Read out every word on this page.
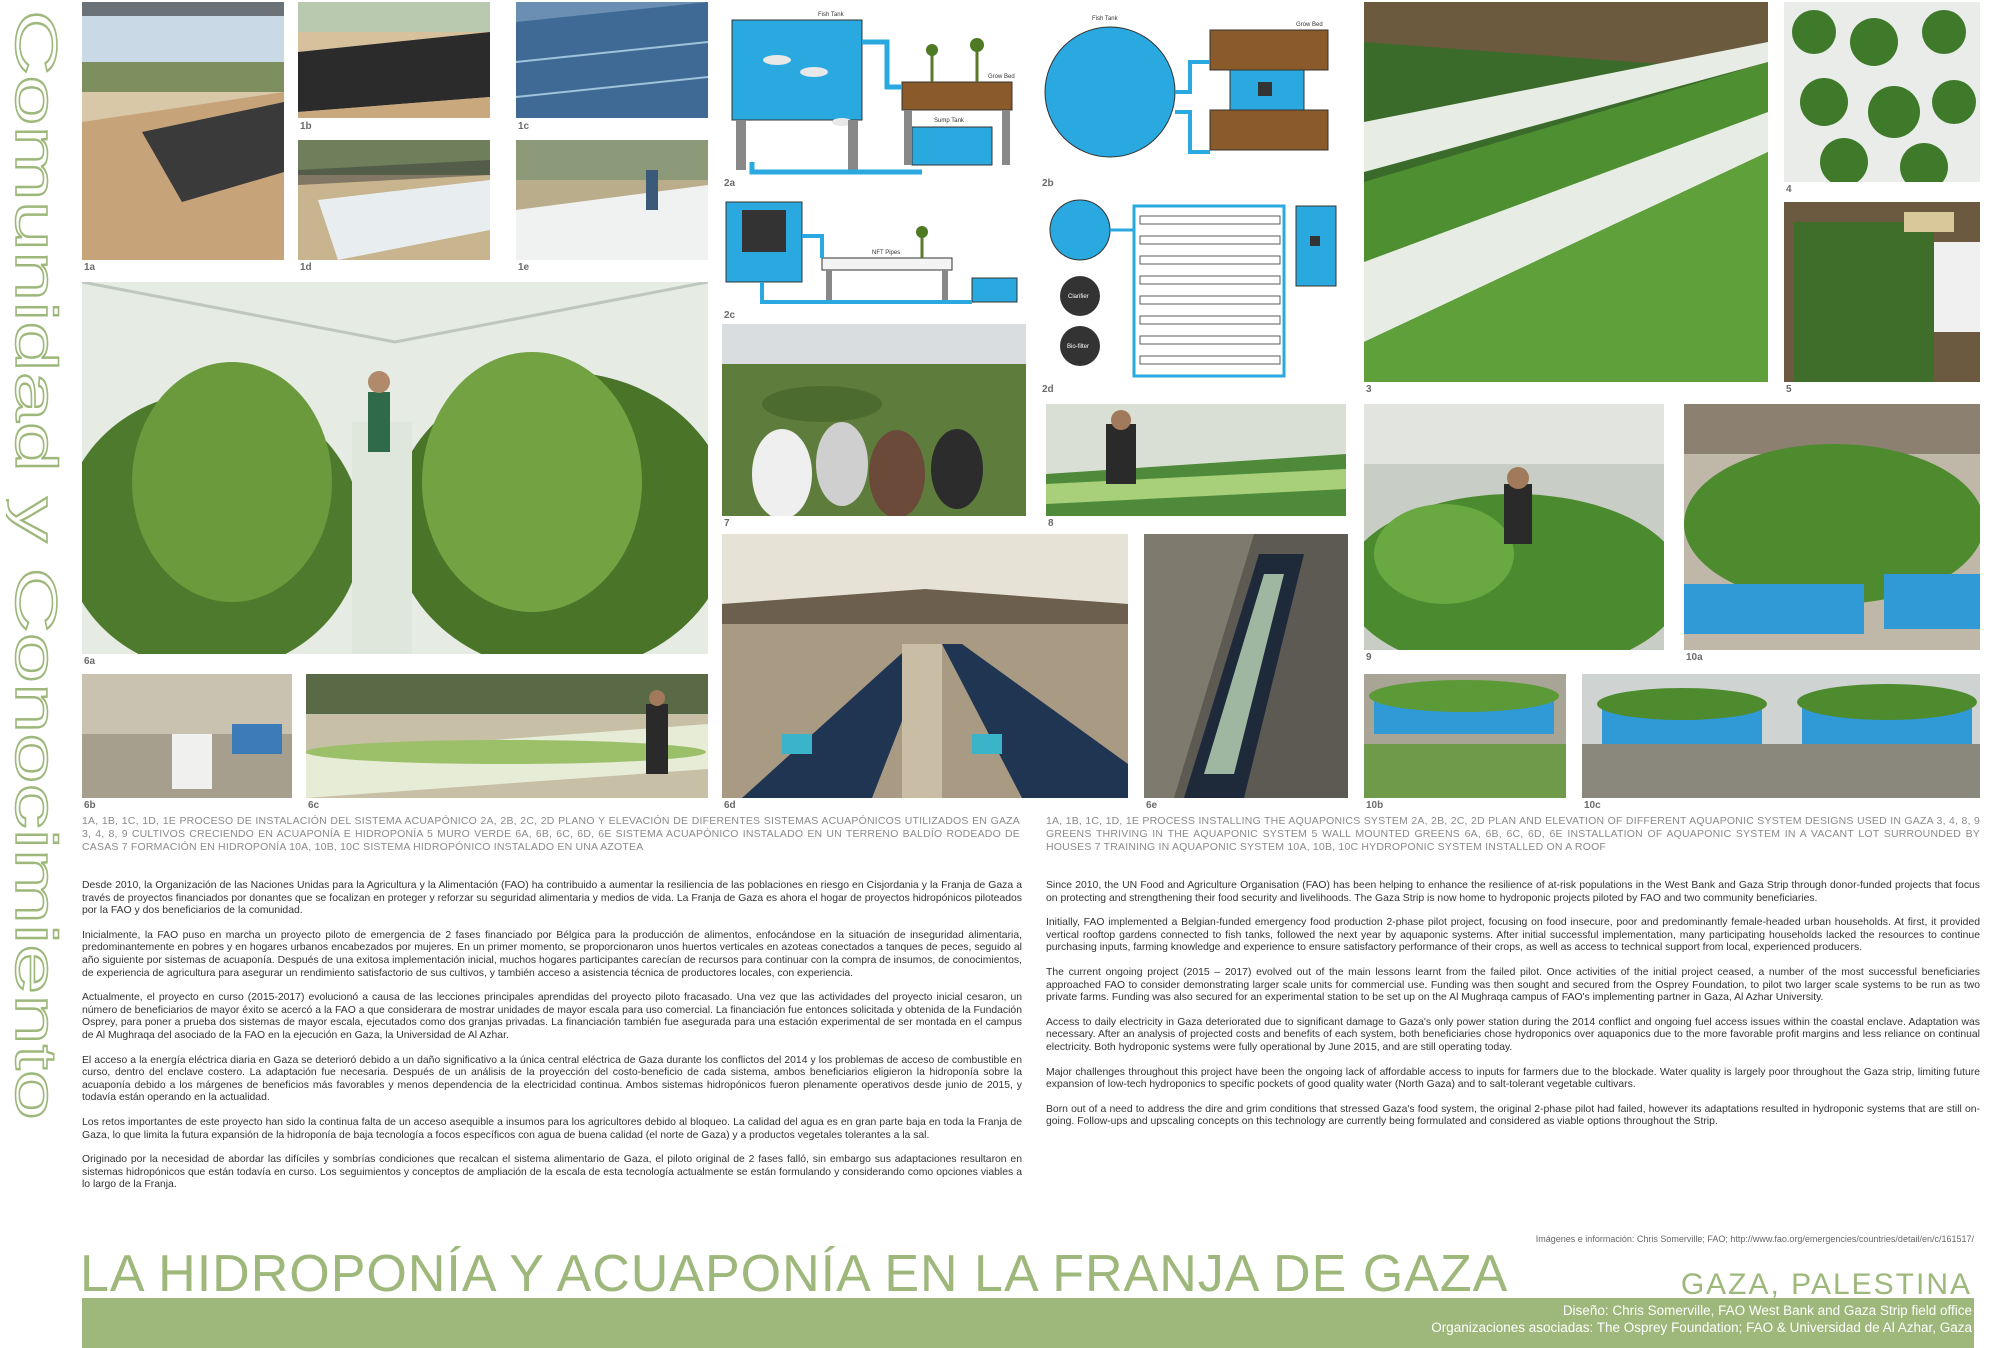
Comunidad y Conocimiento 1a
1b	1c
1d	1e
6a
6b	6c
Fish Tank
Grow Bed
Sump Tank
2a
Fish Tank
Grow Bed
2b
NFT Pipes
2c
Clarifier
Bio-filter
2d
7	8
6d	6e
3
4
5
9	10a
10b	10c
1A, 1B, 1C, 1D, 1E PROCESO DE INSTALACIÓN DEL SISTEMA ACUAPÓNICO 2A, 2B, 2C, 2D PLANO Y ELEVACIÓN DE DIFERENTES SISTEMAS ACUAPÓNICOS UTILIZADOS EN GAZA 3, 4, 8, 9 CULTIVOS CRECIENDO EN ACUAPONÍA E HIDROPONÍA 5 MURO VERDE 6A, 6B, 6C, 6D, 6E SISTEMA ACUAPÓNICO INSTALADO EN UN TERRENO BALDÍO RODEADO DE CASAS 7 FORMACIÓN EN HIDROPONÍA 10A, 10B, 10C SISTEMA HIDROPÓNICO INSTALADO EN UNA AZOTEA
1A, 1B, 1C, 1D, 1E PROCESS INSTALLING THE AQUAPONICS SYSTEM 2A, 2B, 2C, 2D PLAN AND ELEVATION OF DIFFERENT AQUAPONIC SYSTEM DESIGNS USED IN GAZA 3, 4, 8, 9 GREENS THRIVING IN THE AQUAPONIC SYSTEM 5 WALL MOUNTED GREENS 6A, 6B, 6C, 6D, 6E INSTALLATION OF AQUAPONIC SYSTEM IN A VACANT LOT SURROUNDED BY HOUSES 7 TRAINING IN AQUAPONIC SYSTEM 10A, 10B, 10C HYDROPONIC SYSTEM INSTALLED ON A ROOF

Desde 2010, la Organización de las Naciones Unidas para la Agricultura y la Alimentación (FAO) ha contribuido a aumentar la resiliencia de las poblaciones en riesgo en Cisjordania y la Franja de Gaza a través de proyectos financiados por donantes que se focalizan en proteger y reforzar su seguridad alimentaria y medios de vida. La Franja de Gaza es ahora el hogar de proyectos hidropónicos piloteados por la FAO y dos beneficiarios de la comunidad.

Inicialmente, la FAO puso en marcha un proyecto piloto de emergencia de 2 fases financiado por Bélgica para la producción de alimentos, enfocándose en la situación de inseguridad alimentaria, predominantemente en pobres y en hogares urbanos encabezados por mujeres. En un primer momento, se proporcionaron unos huertos verticales en azoteas conectados a tanques de peces, seguido al año siguiente por sistemas de acuaponía. Después de una exitosa implementación inicial, muchos hogares participantes carecían de recursos para continuar con la compra de insumos, de conocimientos, de experiencia de agricultura para asegurar un rendimiento satisfactorio de sus cultivos, y también acceso a asistencia técnica de productores locales, con experiencia.

Actualmente, el proyecto en curso (2015-2017) evolucionó a causa de las lecciones principales aprendidas del proyecto piloto fracasado. Una vez que las actividades del proyecto inicial cesaron, un número de beneficiarios de mayor éxito se acercó a la FAO a que considerara de mostrar unidades de mayor escala para uso comercial. La financiación fue entonces solicitada y obtenida de la Fundación Osprey, para poner a prueba dos sistemas de mayor escala, ejecutados como dos granjas privadas. La financiación también fue asegurada para una estación experimental de ser montada en el campus de Al Mughraqa del asociado de la FAO en la ejecución en Gaza, la Universidad de Al Azhar.

El acceso a la energía eléctrica diaria en Gaza se deterioró debido a un daño significativo a la única central eléctrica de Gaza durante los conflictos del 2014 y los problemas de acceso de combustible en curso, dentro del enclave costero. La adaptación fue necesaria. Después de un análisis de la proyección del costo-beneficio de cada sistema, ambos beneficiarios eligieron la hidroponía sobre la acuaponía debido a los márgenes de beneficios más favorables y menos dependencia de la electricidad continua. Ambos sistemas hidropónicos fueron plenamente operativos desde junio de 2015, y todavía están operando en la actualidad.

Los retos importantes de este proyecto han sido la continua falta de un acceso asequible a insumos para los agricultores debido al bloqueo. La calidad del agua es en gran parte baja en toda la Franja de Gaza, lo que limita la futura expansión de la hidroponía de baja tecnología a focos específicos con agua de buena calidad (el norte de Gaza) y a productos vegetales tolerantes a la sal.

Originado por la necesidad de abordar las difíciles y sombrías condiciones que recalcan el sistema alimentario de Gaza, el piloto original de 2 fases falló, sin embargo sus adaptaciones resultaron en sistemas hidropónicos que están todavía en curso. Los seguimientos y conceptos de ampliación de la escala de esta tecnología actualmente se están formulando y considerando como opciones viables a lo largo de la Franja.

Since 2010, the UN Food and Agriculture Organisation (FAO) has been helping to enhance the resilience of at-risk populations in the West Bank and Gaza Strip through donor-funded projects that focus on protecting and strengthening their food security and livelihoods. The Gaza Strip is now home to hydroponic projects piloted by FAO and two community beneficiaries.

Initially, FAO implemented a Belgian-funded emergency food production 2-phase pilot project, focusing on food insecure, poor and predominantly female-headed urban households. At first, it provided vertical rooftop gardens connected to fish tanks, followed the next year by aquaponic systems. After initial successful implementation, many participating households lacked the resources to continue purchasing inputs, farming knowledge and experience to ensure satisfactory performance of their crops, as well as access to technical support from local, experienced producers.

The current ongoing project (2015 – 2017) evolved out of the main lessons learnt from the failed pilot. Once activities of the initial project ceased, a number of the most successful beneficiaries approached FAO to consider demonstrating larger scale units for commercial use. Funding was then sought and secured from the Osprey Foundation, to pilot two larger scale systems to be run as two private farms. Funding was also secured for an experimental station to be set up on the Al Mughraqa campus of FAO's implementing partner in Gaza, Al Azhar University.

Access to daily electricity in Gaza deteriorated due to significant damage to Gaza's only power station during the 2014 conflict and ongoing fuel access issues within the coastal enclave. Adaptation was necessary. After an analysis of projected costs and benefits of each system, both beneficiaries chose hydroponics over aquaponics due to the more favorable profit margins and less reliance on continual electricity. Both hydroponic systems were fully operational by June 2015, and are still operating today.

Major challenges throughout this project have been the ongoing lack of affordable access to inputs for farmers due to the blockade. Water quality is largely poor throughout the Gaza strip, limiting future expansion of low-tech hydroponics to specific pockets of good quality water (North Gaza) and to salt-tolerant vegetable cultivars.

Born out of a need to address the dire and grim conditions that stressed Gaza's food system, the original 2-phase pilot had failed, however its adaptations resulted in hydroponic systems that are still on-going. Follow-ups and upscaling concepts on this technology are currently being formulated and considered as viable options throughout the Strip.

Imágenes e información: Chris Somerville; FAO; http://www.fao.org/emergencies/countries/detail/en/c/161517/
LA HIDROPONÍA Y ACUAPONÍA EN LA FRANJA DE GAZA	GAZA, PALESTINA
Diseño: Chris Somerville, FAO West Bank and Gaza Strip field office
Organizaciones asociadas: The Osprey Foundation; FAO & Universidad de Al Azhar, Gaza
